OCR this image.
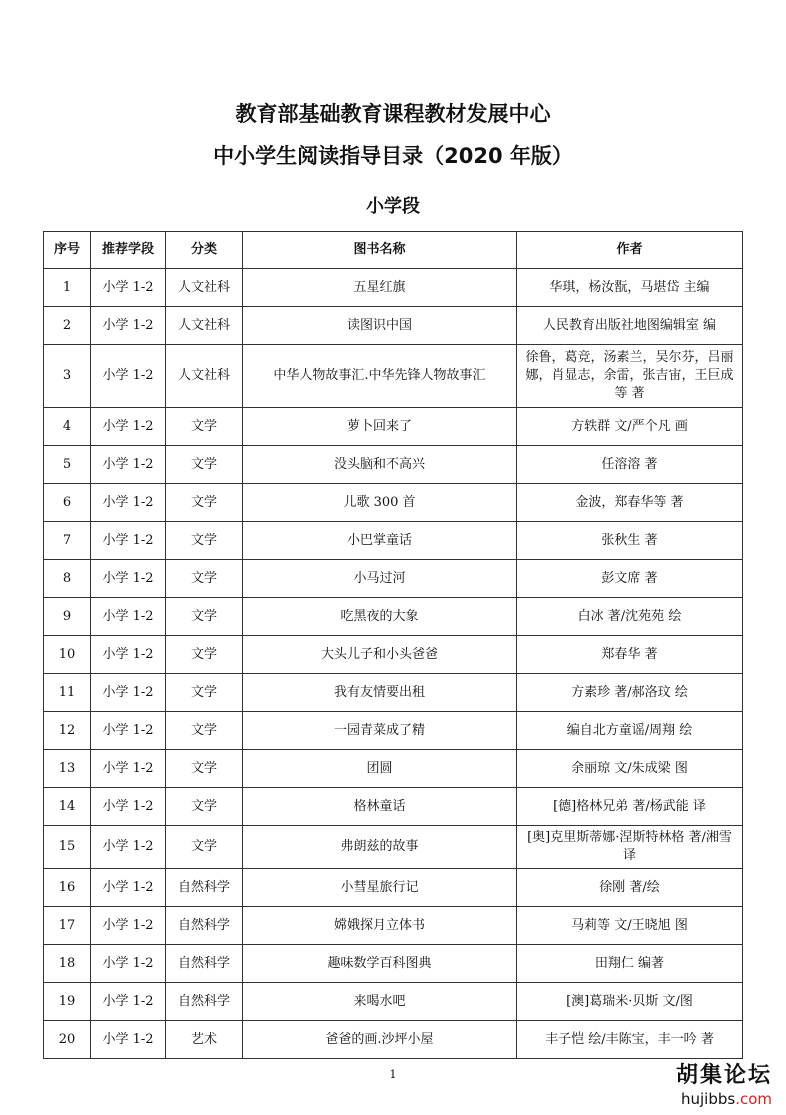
教育部基础教育课程教材发展中心
中小学生阅读指导目录（2020 年版）
小学段
序号	推荐学段	分类	图书名称	作者
1	小学 1-2	人文社科	五星红旗	华琪，杨汝翫，马堪岱 主编
2	小学 1-2	人文社科	读图识中国	人民教育出版社地图编辑室 编
3	小学 1-2	人文社科	中华人物故事汇.中华先锋人物故事汇	徐鲁，葛竞，汤素兰，吴尔芬，吕丽娜，肖显志，余雷，张吉宙，王巨成等 著
4	小学 1-2	文学	萝卜回来了	方轶群 文/严个凡 画
5	小学 1-2	文学	没头脑和不高兴	任溶溶 著
6	小学 1-2	文学	儿歌 300 首	金波，郑春华等 著
7	小学 1-2	文学	小巴掌童话	张秋生 著
8	小学 1-2	文学	小马过河	彭文席 著
9	小学 1-2	文学	吃黑夜的大象	白冰 著/沈苑苑 绘
10	小学 1-2	文学	大头儿子和小头爸爸	郑春华 著
11	小学 1-2	文学	我有友情要出租	方素珍 著/郝洛玟 绘
12	小学 1-2	文学	一园青菜成了精	编自北方童谣/周翔 绘
13	小学 1-2	文学	团圆	余丽琼 文/朱成梁 图
14	小学 1-2	文学	格林童话	[德]格林兄弟 著/杨武能 译
15	小学 1-2	文学	弗朗兹的故事	[奥]克里斯蒂娜·涅斯特林格 著/湘雪 译
16	小学 1-2	自然科学	小彗星旅行记	徐刚 著/绘
17	小学 1-2	自然科学	嫦娥探月立体书	马莉等 文/王晓旭 图
18	小学 1-2	自然科学	趣味数学百科图典	田翔仁 编著
19	小学 1-2	自然科学	来喝水吧	[澳]葛瑞米·贝斯 文/图
20	小学 1-2	艺术	爸爸的画.沙坪小屋	丰子恺 绘/丰陈宝，丰一吟 著
1	胡集论坛
hujibbs.com
